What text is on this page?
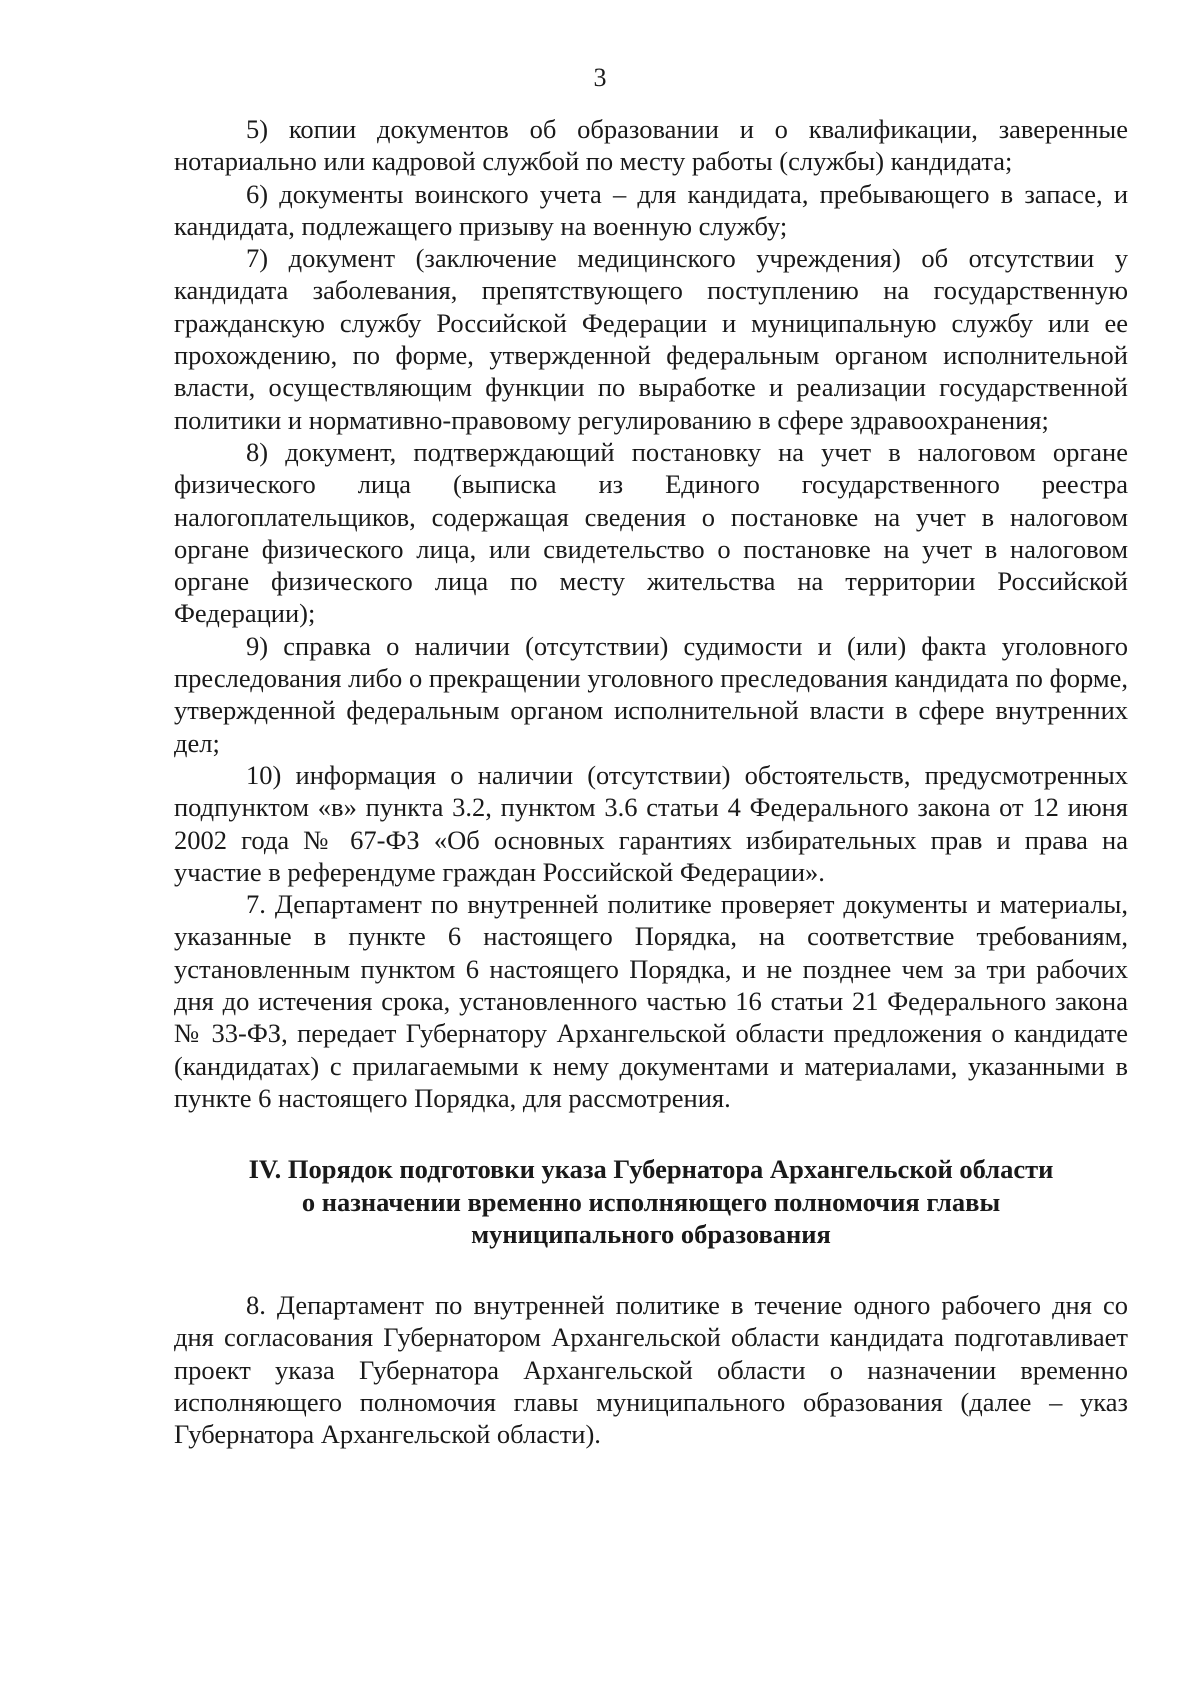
3

5) копии документов об образовании и о квалификации, заверенные нотариально или кадровой службой по месту работы (службы) кандидата;

6) документы воинского учета – для кандидата, пребывающего в запасе, и кандидата, подлежащего призыву на военную службу;

7) документ (заключение медицинского учреждения) об отсутствии у кандидата заболевания, препятствующего поступлению на государственную гражданскую службу Российской Федерации и муниципальную службу или ее прохождению, по форме, утвержденной федеральным органом исполнительной власти, осуществляющим функции по выработке и реализации государственной политики и нормативно-правовому регулированию в сфере здравоохранения;

8) документ, подтверждающий постановку на учет в налоговом органе физического лица (выписка из Единого государственного реестра налогоплательщиков, содержащая сведения о постановке на учет в налоговом органе физического лица, или свидетельство о постановке на учет в налоговом органе физического лица по месту жительства на территории Российской Федерации);

9) справка о наличии (отсутствии) судимости и (или) факта уголовного преследования либо о прекращении уголовного преследования кандидата по форме, утвержденной федеральным органом исполнительной власти в сфере внутренних дел;

10) информация о наличии (отсутствии) обстоятельств, предусмотренных подпунктом «в» пункта 3.2, пунктом 3.6 статьи 4 Федерального закона от 12 июня 2002 года № 67-ФЗ «Об основных гарантиях избирательных прав и права на участие в референдуме граждан Российской Федерации».

7. Департамент по внутренней политике проверяет документы и материалы, указанные в пункте 6 настоящего Порядка, на соответствие требованиям, установленным пунктом 6 настоящего Порядка, и не позднее чем за три рабочих дня до истечения срока, установленного частью 16 статьи 21 Федерального закона № 33-ФЗ, передает Губернатору Архангельской области предложения о кандидате (кандидатах) с прилагаемыми к нему документами и материалами, указанными в пункте 6 настоящего Порядка, для рассмотрения.

IV. Порядок подготовки указа Губернатора Архангельской области
о назначении временно исполняющего полномочия главы
муниципального образования

8. Департамент по внутренней политике в течение одного рабочего дня со дня согласования Губернатором Архангельской области кандидата подготавливает проект указа Губернатора Архангельской области о назначении временно исполняющего полномочия главы муниципального образования (далее – указ Губернатора Архангельской области).
